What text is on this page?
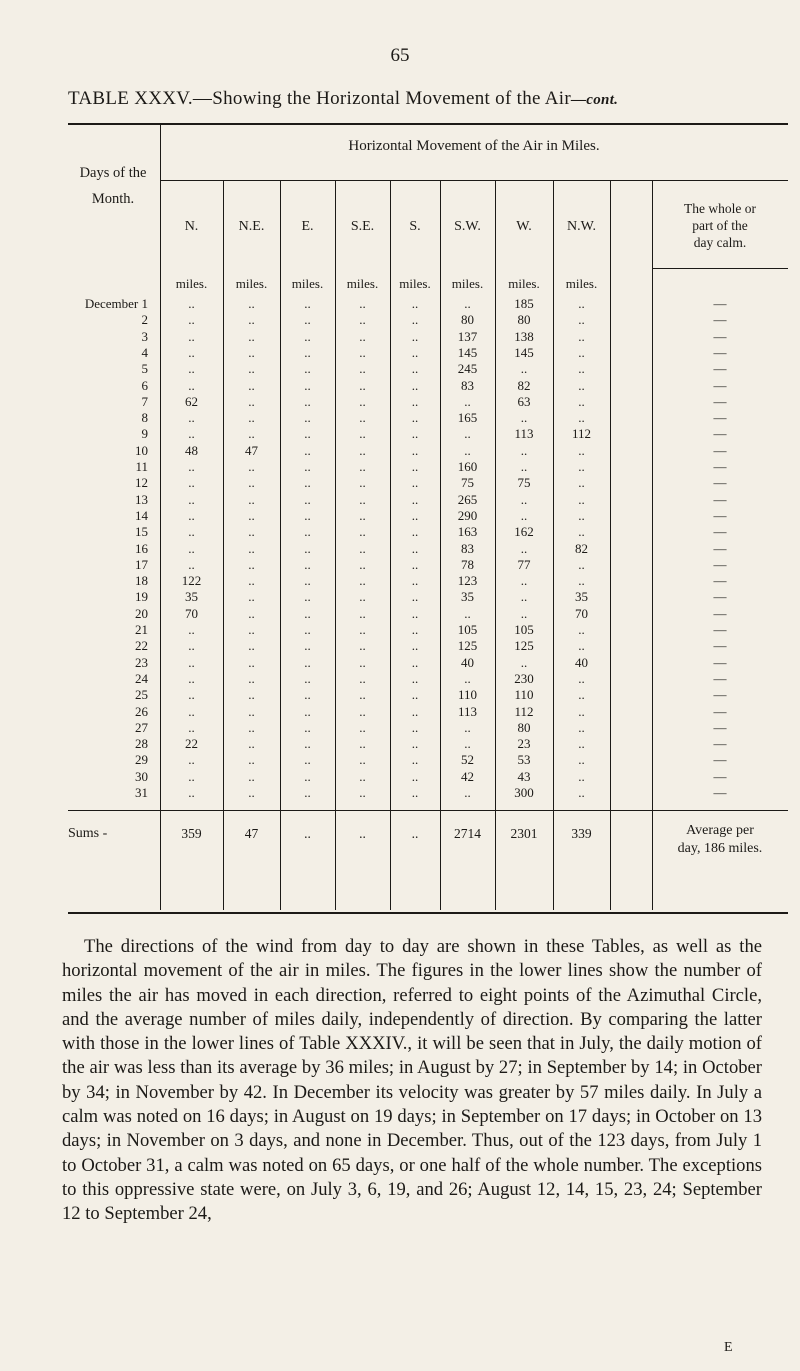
65
TABLE XXXV.—Showing the Horizontal Movement of the Air—cont.
Days of the
Month.
Horizontal Movement of the Air in Miles.
N.	N.E.	E.	S.E.	S.	S.W.	W.	N.W.
The whole or
part of the
day calm.
miles.	miles.	miles.	miles.	miles.	miles.	miles.	miles.
December 1	..	..	..	..	..	..	185	..	—
2	..	..	..	..	..	80	80	..	—
3	..	..	..	..	..	137	138	..	—
4	..	..	..	..	..	145	145	..	—
5	..	..	..	..	..	245	..	..	—
6	..	..	..	..	..	83	82	..	—
7	62	..	..	..	..	..	63	..	—
8	..	..	..	..	..	165	..	..	—
9	..	..	..	..	..	..	113	112	—
10	48	47	..	..	..	..	..	..	—
11	..	..	..	..	..	160	..	..	—
12	..	..	..	..	..	75	75	..	—
13	..	..	..	..	..	265	..	..	—
14	..	..	..	..	..	290	..	..	—
15	..	..	..	..	..	163	162	..	—
16	..	..	..	..	..	83	..	82	—
17	..	..	..	..	..	78	77	..	—
18	122	..	..	..	..	123	..	..	—
19	35	..	..	..	..	35	..	35	—
20	70	..	..	..	..	..	..	70	—
21	..	..	..	..	..	105	105	..	—
22	..	..	..	..	..	125	125	..	—
23	..	..	..	..	..	40	..	40	—
24	..	..	..	..	..	..	230	..	—
25	..	..	..	..	..	110	110	..	—
26	..	..	..	..	..	113	112	..	—
27	..	..	..	..	..	..	80	..	—
28	22	..	..	..	..	..	23	..	—
29	..	..	..	..	..	52	53	..	—
30	..	..	..	..	..	42	43	..	—
31	..	..	..	..	..	..	300	..	—
Sums -	359	47	..	..	..	2714	2301	339	Average per
day, 186 miles.

The directions of the wind from day to day are shown in these Tables, as well as the horizontal movement of the air in miles. The figures in the lower lines show the number of miles the air has moved in each direction, referred to eight points of the Azimuthal Circle, and the average number of miles daily, independently of direction. By comparing the latter with those in the lower lines of Table XXXIV., it will be seen that in July, the daily motion of the air was less than its average by 36 miles; in August by 27; in September by 14; in October by 34; in November by 42. In December its velocity was greater by 57 miles daily. In July a calm was noted on 16 days; in August on 19 days; in September on 17 days; in October on 13 days; in November on 3 days, and none in December. Thus, out of the 123 days, from July 1 to October 31, a calm was noted on 65 days, or one half of the whole number. The exceptions to this oppressive state were, on July 3, 6, 19, and 26; August 12, 14, 15, 23, 24; September 12 to September 24,

E
